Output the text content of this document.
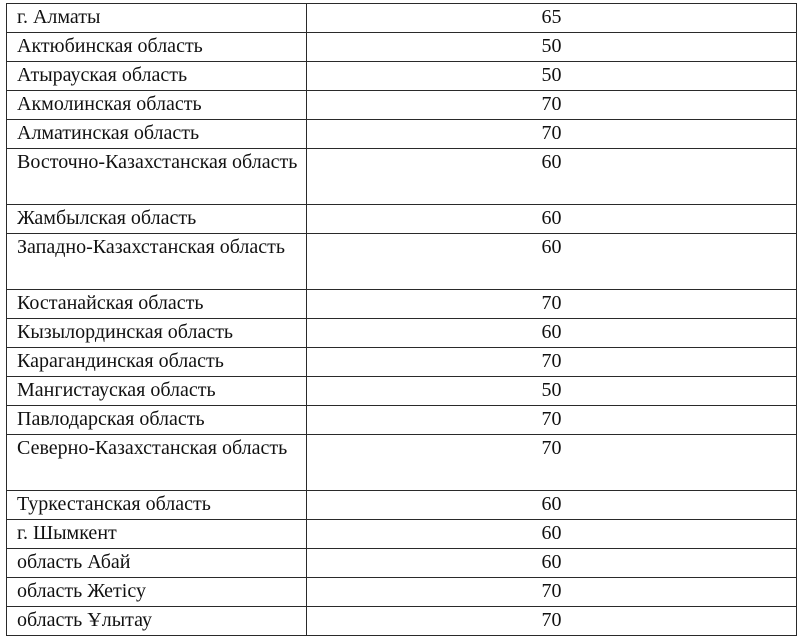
г. Алматы	65
Актюбинская область	50
Атырауская область	50
Акмолинская область	70
Алматинская область	70
Восточно-Казахстанская область	60
Жамбылская область	60
Западно-Казахстанская область	60
Костанайская область	70
Кызылординская область	60
Карагандинская область	70
Мангистауская область	50
Павлодарская область	70
Северно-Казахстанская область	70
Туркестанская область	60
г. Шымкент	60
область Абай	60
область Жетісу	70
область Ұлытау	70
